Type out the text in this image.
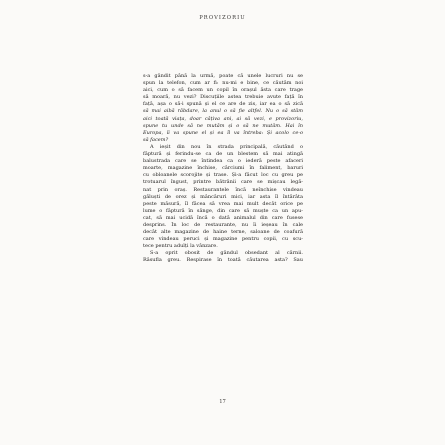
PROVIZORIU
s-a gândit până la urmă, poate că unele lucruri nu se
spun la telefon, cum ar fi: nu-mi e bine, ce căutăm noi
aici, cum o să facem un copil în orașul ăsta care trage
să moară, nu vezi? Discuțiile astea trebuie avute față în
față, așa o să-i spună și el ce are de zis, iar ea o să zică
să mai aibă răbdare, la anul o să fie altfel. Nu o să stăm
aici toată viața, doar câțiva ani, ai să vezi, e provizoriu,
spune tu unde să ne mutăm și o să ne mutăm. Hai în
Europa, îi va spune el și ea îl va întreba: Și acolo ce-o
să facem?
A ieșit din nou în strada principală, căutând o
făptură și ferindu-se ca de un blestem să mai atingă
balustrada care se întindea ca o iederă peste afaceri
moarte, magazine închise, cârciumi în faliment, baruri
cu obloanele scorojite și trase. Și-a făcut loc cu greu pe
trotuarul îngust, printre bătrânii care se mișcau legă-
nat prin oraș. Restaurantele încă neînchise vindeau
găluști de orez și mâncăruri mici, iar asta îl întărâta
peste măsură, îl făcea să vrea mai mult decât orice pe
lume o făptură în sânge, din care să muște ca un apu-
cat, să mai ucidă încă o dată animalul din care fusese
desprins. În loc de restaurante, nu îi ieșeau în cale
decât alte magazine de haine terne, saloane de coafură
care vindeau peruci și magazine pentru copii, cu scu-
tece pentru adulți la vânzare.
S-a oprit obosit de gândul obsedant al cărnii.
Răsufla greu. Respirase în toată căutarea asta? Sau
17
